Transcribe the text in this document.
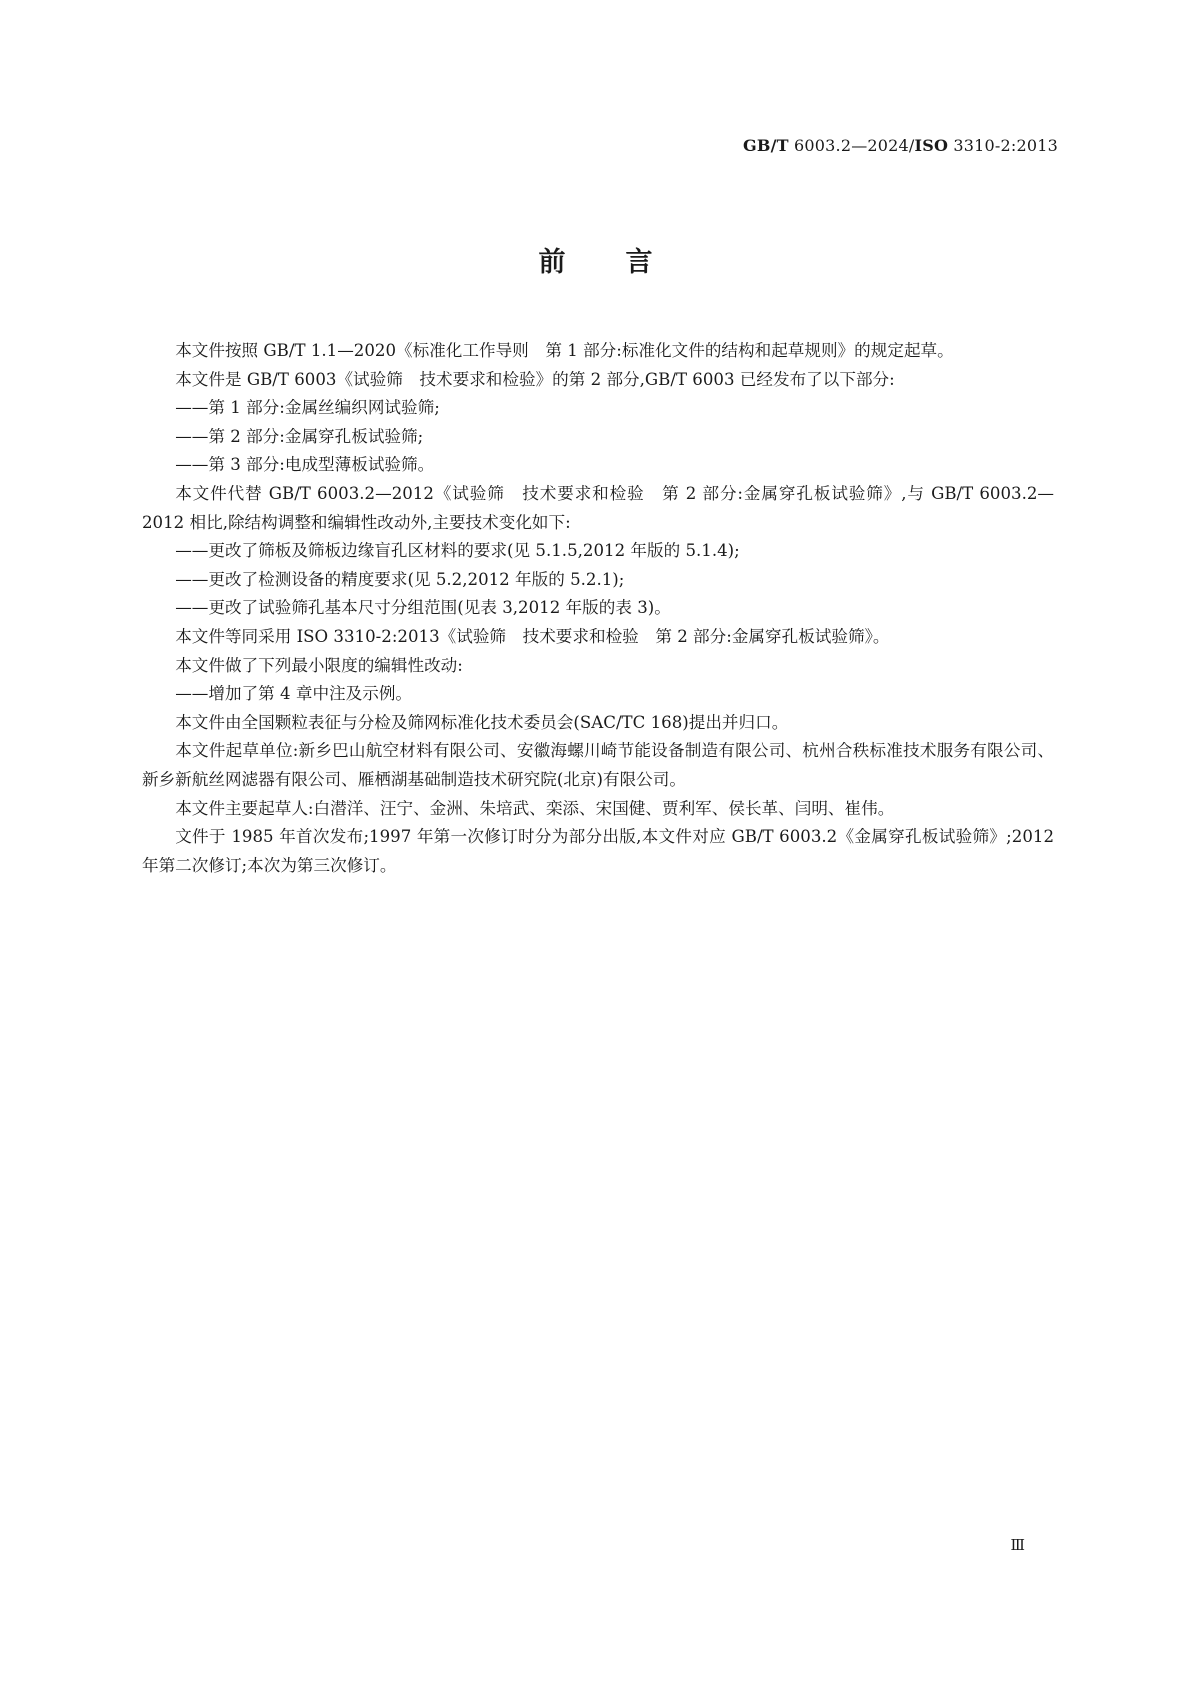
GB/T 6003.2—2024/ISO 3310-2:2013
前言

本文件按照 GB/T 1.1—2020《标准化工作导则　第 1 部分:标准化文件的结构和起草规则》的规定起草。

本文件是 GB/T 6003《试验筛　技术要求和检验》的第 2 部分,GB/T 6003 已经发布了以下部分:

——第 1 部分:金属丝编织网试验筛;

——第 2 部分:金属穿孔板试验筛;

——第 3 部分:电成型薄板试验筛。

本文件代替 GB/T 6003.2—2012《试验筛　技术要求和检验　第 2 部分:金属穿孔板试验筛》,与 GB/T 6003.2—2012 相比,除结构调整和编辑性改动外,主要技术变化如下:

——更改了筛板及筛板边缘盲孔区材料的要求(见 5.1.5,2012 年版的 5.1.4);

——更改了检测设备的精度要求(见 5.2,2012 年版的 5.2.1);

——更改了试验筛孔基本尺寸分组范围(见表 3,2012 年版的表 3)。

本文件等同采用 ISO 3310-2:2013《试验筛　技术要求和检验　第 2 部分:金属穿孔板试验筛》。

本文件做了下列最小限度的编辑性改动:

——增加了第 4 章中注及示例。

本文件由全国颗粒表征与分检及筛网标准化技术委员会(SAC/TC 168)提出并归口。

本文件起草单位:新乡巴山航空材料有限公司、安徽海螺川崎节能设备制造有限公司、杭州合秩标准技术服务有限公司、新乡新航丝网滤器有限公司、雁栖湖基础制造技术研究院(北京)有限公司。

本文件主要起草人:白潜洋、汪宁、金洲、朱培武、栾添、宋国健、贾利军、侯长革、闫明、崔伟。

文件于 1985 年首次发布;1997 年第一次修订时分为部分出版,本文件对应 GB/T 6003.2《金属穿孔板试验筛》;2012 年第二次修订;本次为第三次修订。

Ⅲ
